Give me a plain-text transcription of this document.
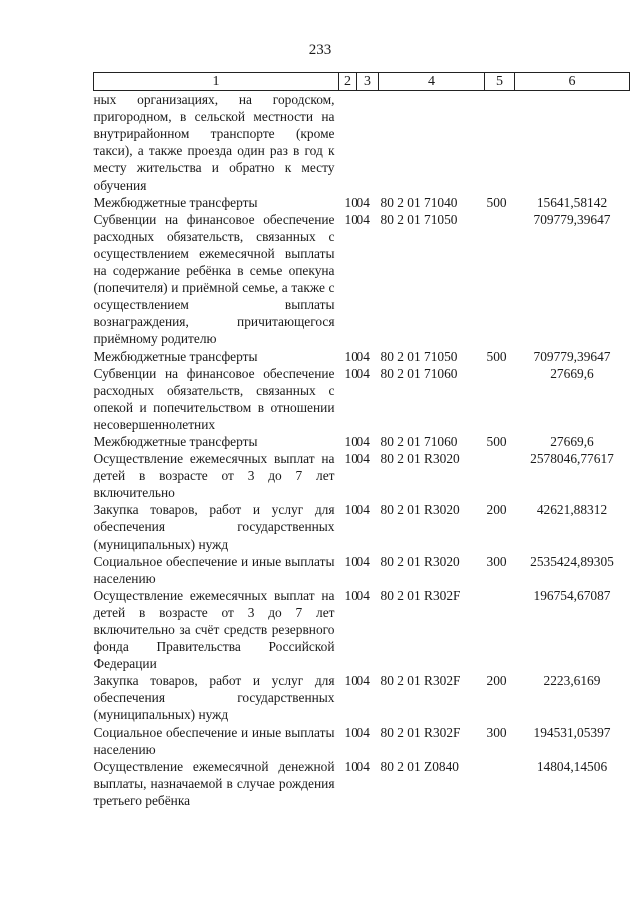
233
1	2	3	4	5	6
ных организациях, на городском, пригородном, в сельской местности на внутрирайонном транспорте (кроме такси), а также проезда один раз в год к месту жительства и обратно к месту обучения					
Межбюджетные трансферты	10	04	80 2 01 71040	500	15641,58142
Субвенции на финансовое обеспечение расходных обязательств, связанных с осуществлением ежемесячной выплаты на содержание ребёнка в семье опекуна (попечителя) и приёмной семье, а также с осуществлением выплаты вознаграждения, причитающегося приёмному родителю	10	04	80 2 01 71050		709779,39647
Межбюджетные трансферты	10	04	80 2 01 71050	500	709779,39647
Субвенции на финансовое обеспечение расходных обязательств, связанных с опекой и попечительством в отношении несовершеннолетних	10	04	80 2 01 71060		27669,6
Межбюджетные трансферты	10	04	80 2 01 71060	500	27669,6
Осуществление ежемесячных выплат на детей в возрасте от 3 до 7 лет включительно	10	04	80 2 01 R3020		2578046,77617
Закупка товаров, работ и услуг для обеспечения государственных (муниципальных) нужд	10	04	80 2 01 R3020	200	42621,88312
Социальное обеспечение и иные выплаты населению	10	04	80 2 01 R3020	300	2535424,89305
Осуществление ежемесячных выплат на детей в возрасте от 3 до 7 лет включительно за счёт средств резервного фонда Правительства Российской Федерации	10	04	80 2 01 R302F		196754,67087
Закупка товаров, работ и услуг для обеспечения государственных (муниципальных) нужд	10	04	80 2 01 R302F	200	2223,6169
Социальное обеспечение и иные выплаты населению	10	04	80 2 01 R302F	300	194531,05397
Осуществление ежемесячной денежной выплаты, назначаемой в случае рождения третьего ребёнка	10	04	80 2 01 Z0840		14804,14506
